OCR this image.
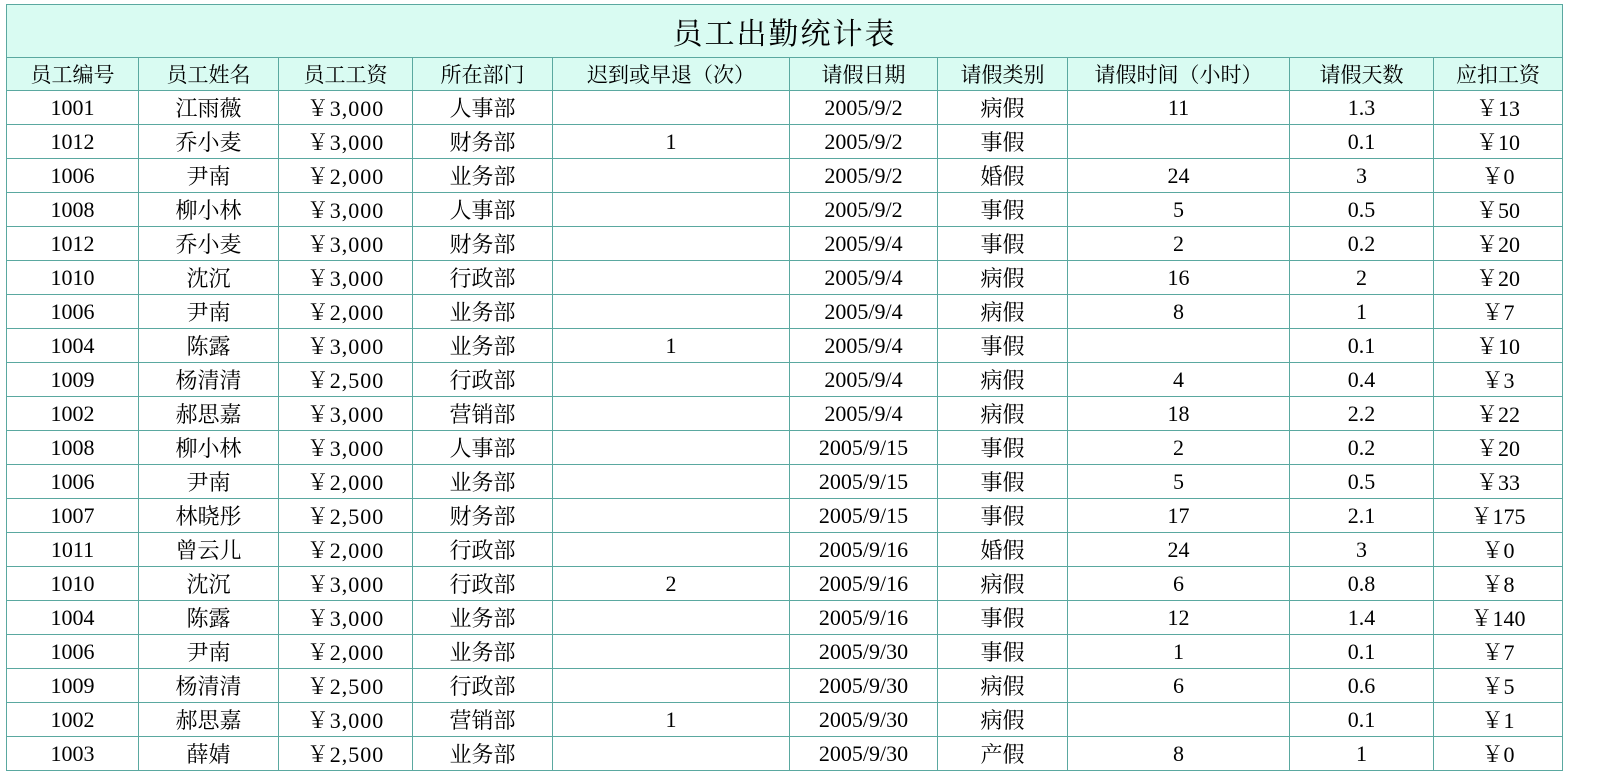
员工出勤统计表									
员工编号	员工姓名	员工工资	所在部门	迟到或早退（次）	请假日期	请假类别	请假时间（小时）	请假天数	应扣工资
1001	江雨薇	￥3,000	人事部		2005/9/2	病假	11	1.3	￥13
1012	乔小麦	￥3,000	财务部	1	2005/9/2	事假		0.1	￥10
1006	尹南	￥2,000	业务部		2005/9/2	婚假	24	3	￥0
1008	柳小林	￥3,000	人事部		2005/9/2	事假	5	0.5	￥50
1012	乔小麦	￥3,000	财务部		2005/9/4	事假	2	0.2	￥20
1010	沈沉	￥3,000	行政部		2005/9/4	病假	16	2	￥20
1006	尹南	￥2,000	业务部		2005/9/4	病假	8	1	￥7
1004	陈露	￥3,000	业务部	1	2005/9/4	事假		0.1	￥10
1009	杨清清	￥2,500	行政部		2005/9/4	病假	4	0.4	￥3
1002	郝思嘉	￥3,000	营销部		2005/9/4	病假	18	2.2	￥22
1008	柳小林	￥3,000	人事部		2005/9/15	事假	2	0.2	￥20
1006	尹南	￥2,000	业务部		2005/9/15	事假	5	0.5	￥33
1007	林晓彤	￥2,500	财务部		2005/9/15	事假	17	2.1	￥175
1011	曾云儿	￥2,000	行政部		2005/9/16	婚假	24	3	￥0
1010	沈沉	￥3,000	行政部	2	2005/9/16	病假	6	0.8	￥8
1004	陈露	￥3,000	业务部		2005/9/16	事假	12	1.4	￥140
1006	尹南	￥2,000	业务部		2005/9/30	事假	1	0.1	￥7
1009	杨清清	￥2,500	行政部		2005/9/30	病假	6	0.6	￥5
1002	郝思嘉	￥3,000	营销部	1	2005/9/30	病假		0.1	￥1
1003	薛婧	￥2,500	业务部		2005/9/30	产假	8	1	￥0
